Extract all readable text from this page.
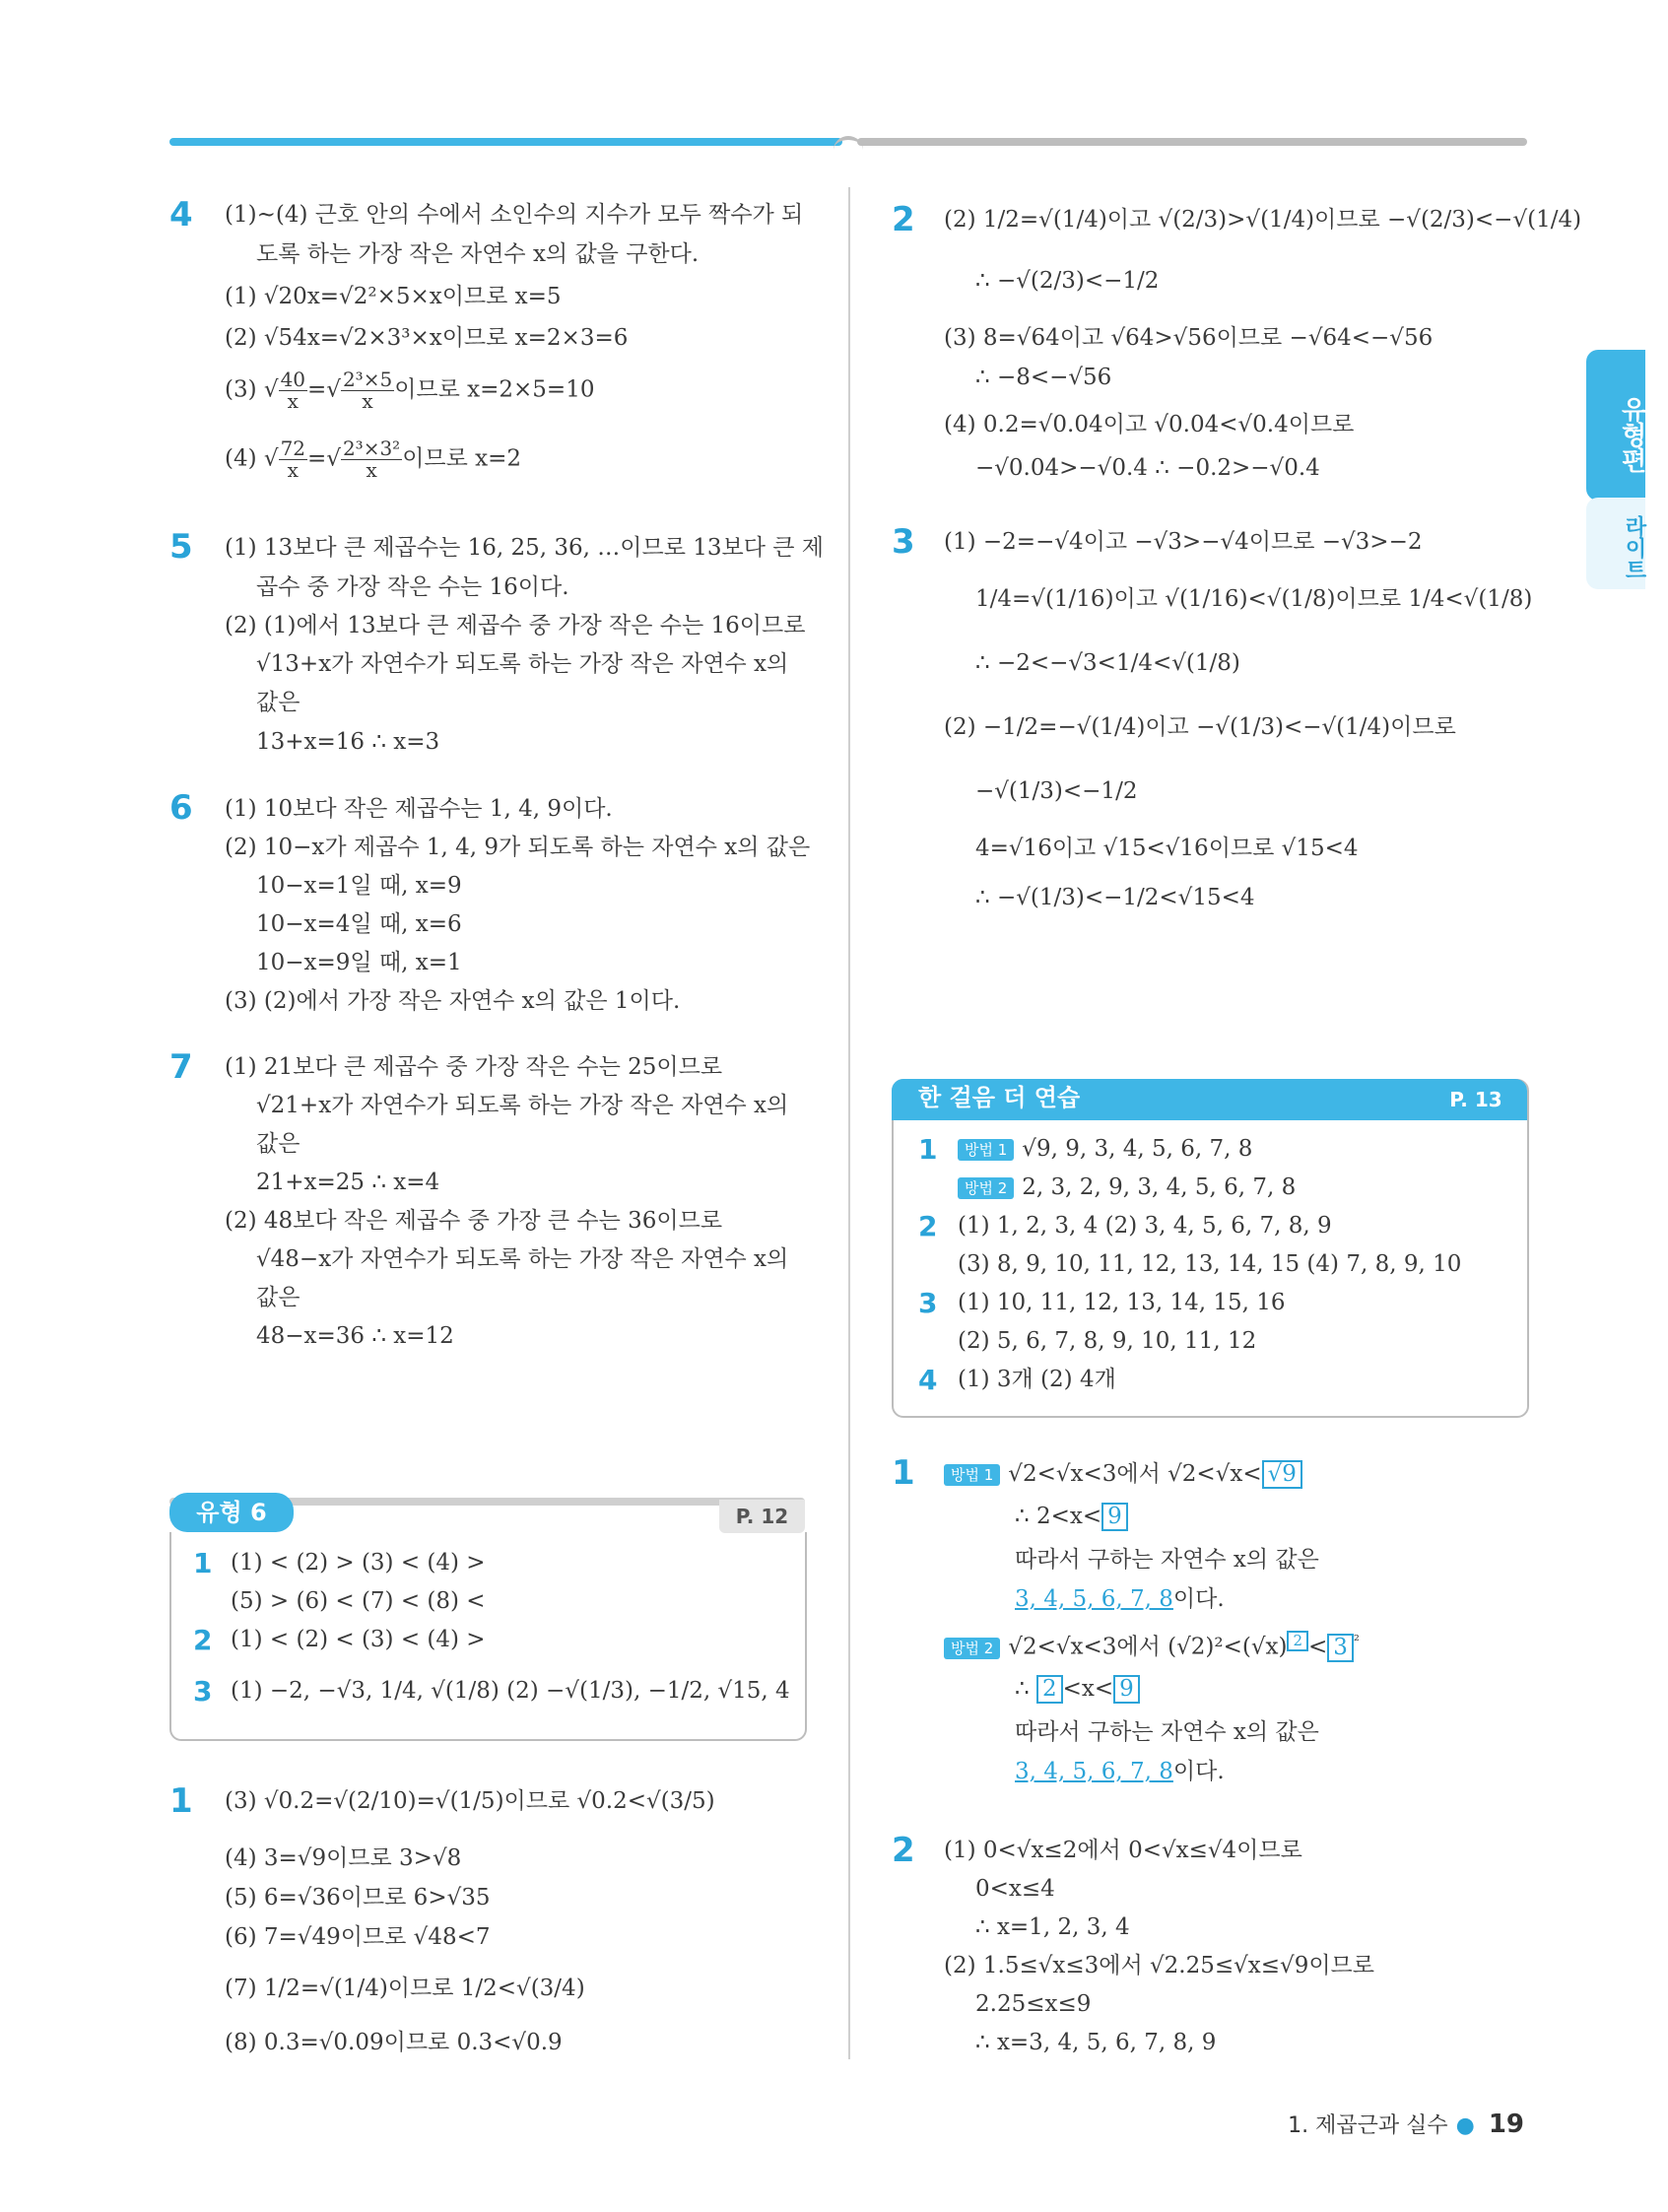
유형편
라이트
4 (1)~(4) 근호 안의 수에서 소인수의 지수가 모두 짝수가 되
도록 하는 가장 작은 자연수 x의 값을 구한다.
(1) √20x=√2²×5×x이므로 x=5
(2) √54x=√2×3³×x이므로 x=2×3=6
(3) √ $\frac{40}{x}$ =√ $\frac{\text{2³×5}}{x}$ 이므로 x=2×5=10
(4) √ $\frac{72}{x}$ =√ $\frac{\text{2³×3²}}{x}$ 이므로 x=2
5 (1) 13보다 큰 제곱수는 16, 25, 36, …이므로 13보다 큰 제
곱수 중 가장 작은 수는 16이다.
(2) (1)에서 13보다 큰 제곱수 중 가장 작은 수는 16이므로
√13+x가 자연수가 되도록 하는 가장 작은 자연수 x의
값은
13+x=16 ∴ x=3
6 (1) 10보다 작은 제곱수는 1, 4, 9이다.
(2) 10−x가 제곱수 1, 4, 9가 되도록 하는 자연수 x의 값은
10−x=1일 때, x=9
10−x=4일 때, x=6
10−x=9일 때, x=1
(3) (2)에서 가장 작은 자연수 x의 값은 1이다.
7 (1) 21보다 큰 제곱수 중 가장 작은 수는 25이므로
√21+x가 자연수가 되도록 하는 가장 작은 자연수 x의
값은
21+x=25 ∴ x=4
(2) 48보다 작은 제곱수 중 가장 큰 수는 36이므로
√48−x가 자연수가 되도록 하는 가장 작은 자연수 x의
값은
48−x=36 ∴ x=12
유형 6	P. 12
1 (1) < (2) > (3) < (4) >
(5) > (6) < (7) < (8) <
2 (1) < (2) < (3) < (4) >
3 (1) −2, −√3, 1/4, √(1/8) (2) −√(1/3), −1/2, √15, 4
1 (3) √0.2=√(2/10)=√(1/5)이므로 √0.2<√(3/5)
(4) 3=√9이므로 3>√8
(5) 6=√36이므로 6>√35
(6) 7=√49이므로 √48<7
(7) 1/2=√(1/4)이므로 1/2<√(3/4)
(8) 0.3=√0.09이므로 0.3<√0.9
2 (2) 1/2=√(1/4)이고 √(2/3)>√(1/4)이므로 −√(2/3)<−√(1/4)
∴ −√(2/3)<−1/2
(3) 8=√64이고 √64>√56이므로 −√64<−√56
∴ −8<−√56
(4) 0.2=√0.04이고 √0.04<√0.4이므로
−√0.04>−√0.4 ∴ −0.2>−√0.4
3 (1) −2=−√4이고 −√3>−√4이므로 −√3>−2
1/4=√(1/16)이고 √(1/16)<√(1/8)이므로 1/4<√(1/8)
∴ −2<−√3<1/4<√(1/8)
(2) −1/2=−√(1/4)이고 −√(1/3)<−√(1/4)이므로
−√(1/3)<−1/2
4=√16이고 √15<√16이므로 √15<4
∴ −√(1/3)<−1/2<√15<4
한 걸음 더 연습	P. 13
1	방법 1 √9, 9, 3, 4, 5, 6, 7, 8
방법 2 2, 3, 2, 9, 3, 4, 5, 6, 7, 8
2 (1) 1, 2, 3, 4 (2) 3, 4, 5, 6, 7, 8, 9
(3) 8, 9, 10, 11, 12, 13, 14, 15 (4) 7, 8, 9, 10
3 (1) 10, 11, 12, 13, 14, 15, 16
(2) 5, 6, 7, 8, 9, 10, 11, 12
4 (1) 3개 (2) 4개
1	방법 1 √2<√x<3에서 √2<√x< √9
∴ 2<x< 9
따라서 구하는 자연수 x의 값은
3, 4, 5, 6, 7, 8이다.
방법 2 √2<√x<3에서 (√2)²<(√x) 2 < 3 $^{^2}$
∴ 2 <x< 9
따라서 구하는 자연수 x의 값은
3, 4, 5, 6, 7, 8이다.
2 (1) 0<√x≤2에서 0<√x≤√4이므로
0<x≤4
∴ x=1, 2, 3, 4
(2) 1.5≤√x≤3에서 √2.25≤√x≤√9이므로
2.25≤x≤9
∴ x=3, 4, 5, 6, 7, 8, 9
1. 제곱근과 실수 ● 19
